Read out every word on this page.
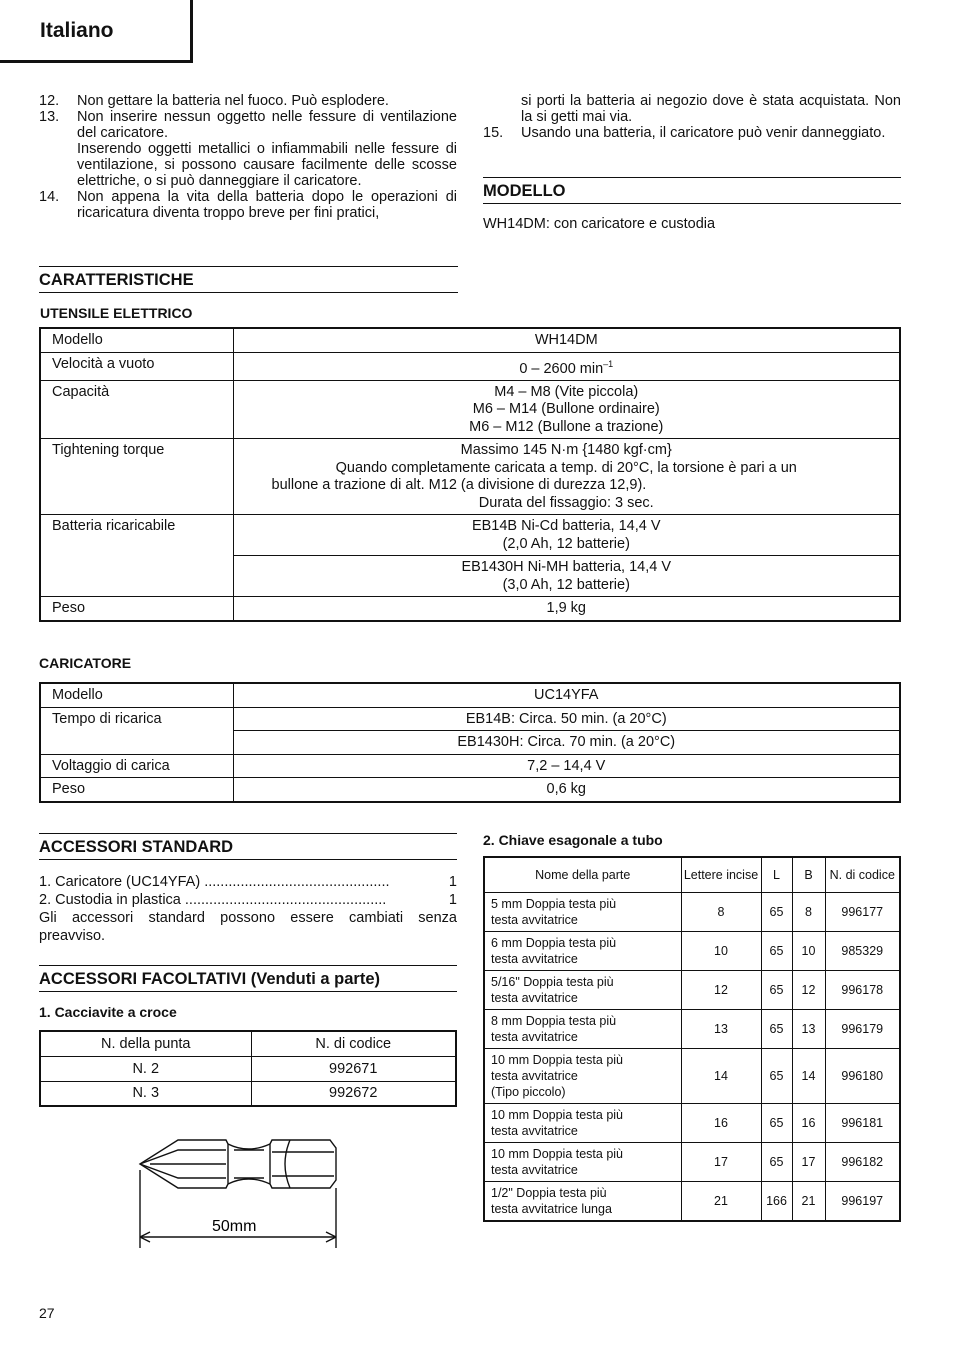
Italiano
12.	Non gettare la batteria nel fuoco. Può esplodere.
13.	Non inserire nessun oggetto nelle fessure di ventilazione del caricatore.
Inserendo oggetti metallici o infiammabili nelle fessure di ventilazione, si possono causare facilmente delle scosse elettriche, o si può danneggiare il caricatore.
14.	Non appena la vita della batteria dopo le operazioni di ricaricatura diventa troppo breve per fini pratici,
si porti la batteria ai negozio dove è stata acquistata. Non la si getti mai via.
15.	Usando una batteria, il caricatore può venir danneggiato.
MODELLO
WH14DM: con caricatore e custodia
CARATTERISTICHE
UTENSILE ELETTRICO
Modello	WH14DM
Velocità a vuoto	0 – 2600 $\min^{-1}$
Capacità	M4 – M8 (Vite piccola)
M6 – M14 (Bullone ordinaire)
M6 – M12 (Bullone a trazione)

Tightening torque	Massimo 145 N·m {1480 kgf·cm}
Quando completamente caricata a temp. di 20°C, la torsione è pari a un
bullone a trazione di alt. M12 (a divisione di durezza 12,9).
Durata del fissaggio: 3 sec.

Batteria ricaricabile	EB14B Ni-Cd batteria, 14,4 V
(2,0 Ah, 12 batterie)

	EB1430H Ni-MH batteria, 14,4 V
(3,0 Ah, 12 batterie)

Peso	1,9 kg
CARICATORE
Modello	UC14YFA
Tempo di ricarica	EB14B: Circa. 50 min. (a 20°C)
	EB1430H: Circa. 70 min. (a 20°C)
Voltaggio di carica	7,2 – 14,4 V
Peso	0,6 kg
ACCESSORI STANDARD
1. Caricatore (UC14YFA) ..............................................	1
2. Custodia in plastica ..................................................	1
Gli accessori standard possono essere cambiati senza preavviso.
ACCESSORI FACOLTATIVI (Venduti a parte)
1. Cacciavite a croce
N. della punta	N. di codice
N. 2	992671
N. 3	992672
50mm
2. Chiave esagonale a tubo
Nome della parte	Lettere incise	L	B	N. di codice

5 mm Doppia testa più
testa avvitatrice	8	65	8	996177

6 mm Doppia testa più
testa avvitatrice	10	65	10	985329

5/16" Doppia testa più
testa avvitatrice	12	65	12	996178

8 mm Doppia testa più
testa avvitatrice	13	65	13	996179

10 mm Doppia testa più
testa avvitatrice
(Tipo piccolo)	14	65	14	996180

10 mm Doppia testa più
testa avvitatrice	16	65	16	996181

10 mm Doppia testa più
testa avvitatrice	17	65	17	996182

1/2" Doppia testa più
testa avvitatrice lunga	21	166	21	996197
27
